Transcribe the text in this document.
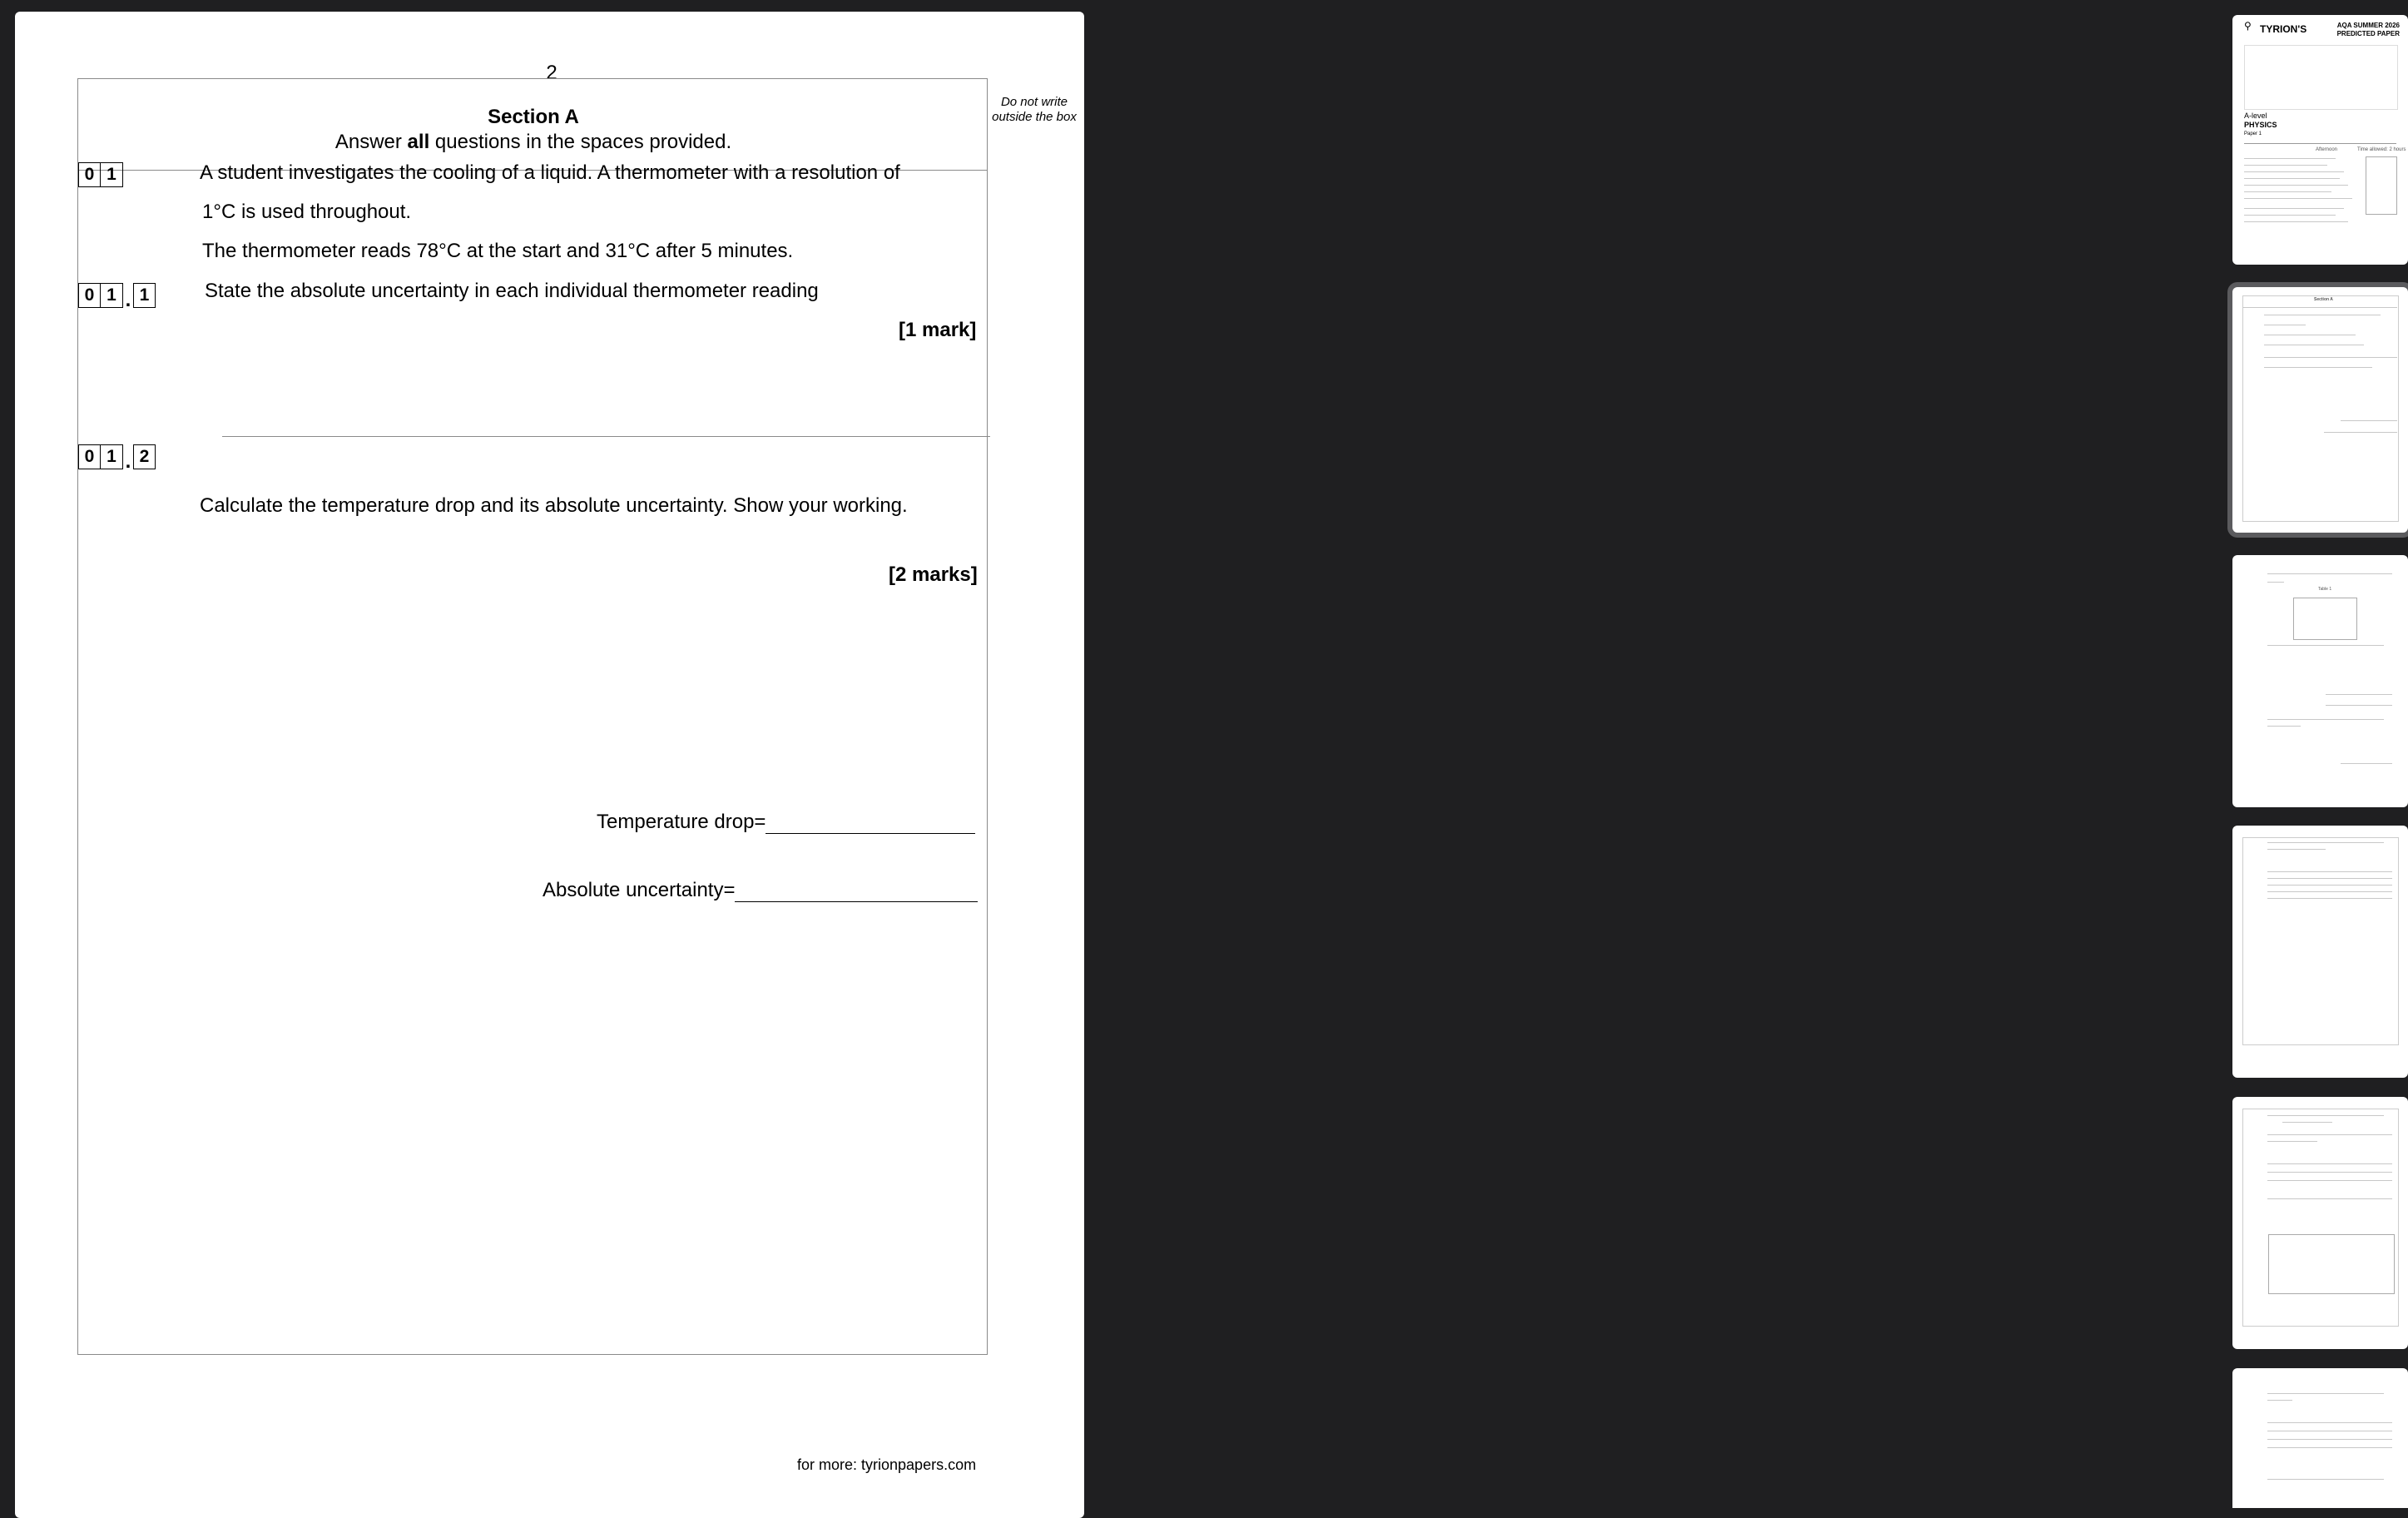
2
Do not write outside the box
Section A
Answer all questions in the spaces provided.
0 1	A student investigates the cooling of a liquid. A thermometer with a resolution of
1°C is used throughout.
The thermometer reads 78°C at the start and 31°C after 5 minutes.
0 1 . 1	State the absolute uncertainty in each individual thermometer reading
[1 mark]
0 1 . 2
Calculate the temperature drop and its absolute uncertainty. Show your working.
[2 marks]
Temperature drop=
Absolute uncertainty=
for more: tyrionpapers.com
⚲ TYRION'S	AQA SUMMER 2026
PREDICTED PAPER
A-level
PHYSICS
Paper 1
Afternoon	Time allowed: 2 hours
Section A
Table 1
